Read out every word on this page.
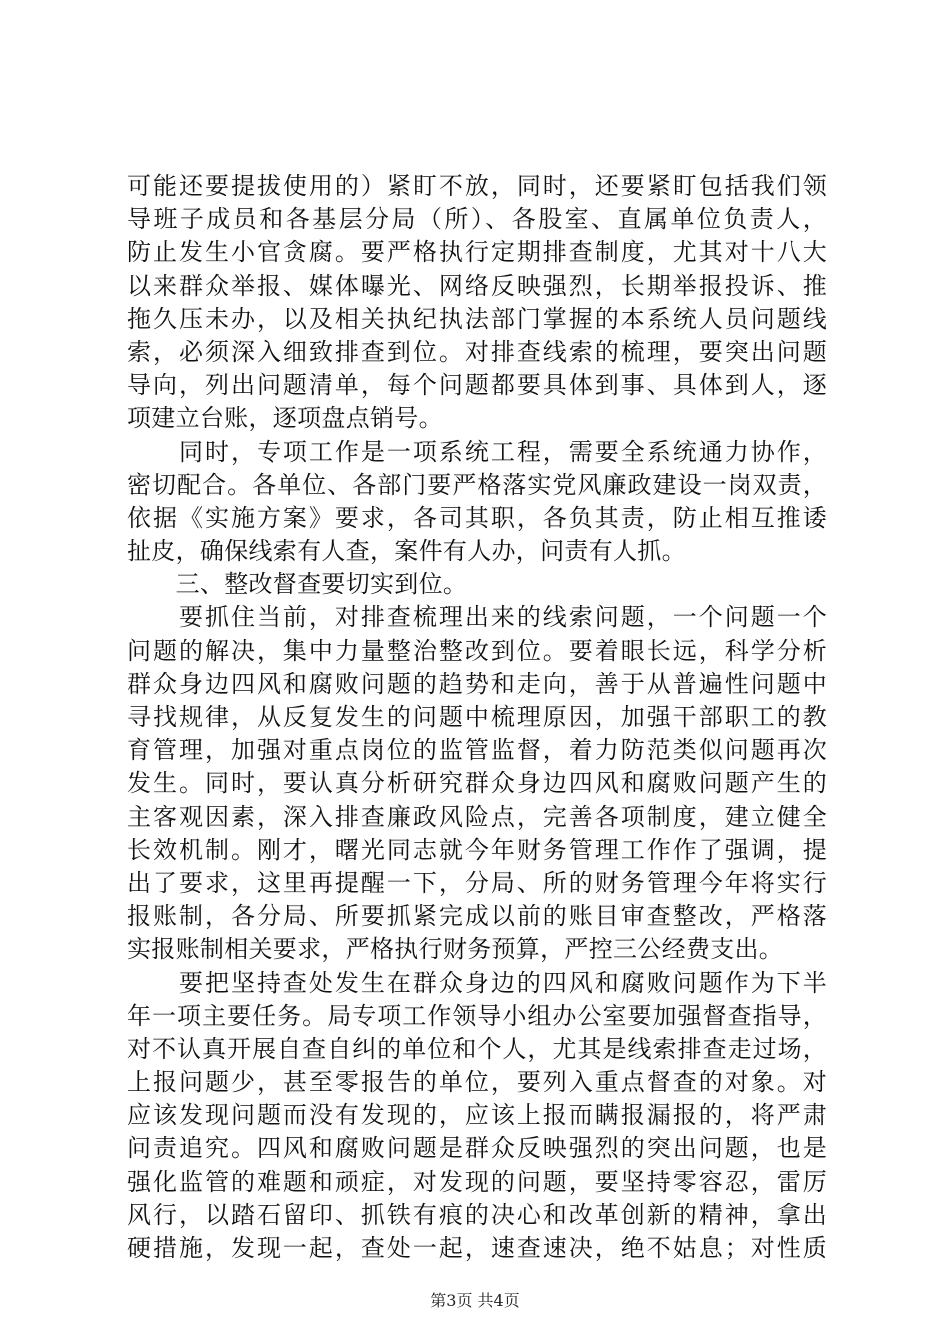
可能还要提拔使用的）紧盯不放，同时，还要紧盯包括我们领
导班子成员和各基层分局（所）、各股室、直属单位负责人，
防止发生小官贪腐。要严格执行定期排查制度，尤其对十八大
以来群众举报、媒体曝光、网络反映强烈，长期举报投诉、推
拖久压未办，以及相关执纪执法部门掌握的本系统人员问题线
索，必须深入细致排查到位。对排查线索的梳理，要突出问题
导向，列出问题清单，每个问题都要具体到事、具体到人，逐
项建立台账，逐项盘点销号。
　　同时，专项工作是一项系统工程，需要全系统通力协作，
密切配合。各单位、各部门要严格落实党风廉政建设一岗双责，
依据《实施方案》要求，各司其职，各负其责，防止相互推诿
扯皮，确保线索有人查，案件有人办，问责有人抓。
　　三、整改督查要切实到位。
　　要抓住当前，对排查梳理出来的线索问题，一个问题一个
问题的解决，集中力量整治整改到位。要着眼长远，科学分析
群众身边四风和腐败问题的趋势和走向，善于从普遍性问题中
寻找规律，从反复发生的问题中梳理原因，加强干部职工的教
育管理，加强对重点岗位的监管监督，着力防范类似问题再次
发生。同时，要认真分析研究群众身边四风和腐败问题产生的
主客观因素，深入排查廉政风险点，完善各项制度，建立健全
长效机制。刚才，曙光同志就今年财务管理工作作了强调，提
出了要求，这里再提醒一下，分局、所的财务管理今年将实行
报账制，各分局、所要抓紧完成以前的账目审查整改，严格落
实报账制相关要求，严格执行财务预算，严控三公经费支出。
　　要把坚持查处发生在群众身边的四风和腐败问题作为下半
年一项主要任务。局专项工作领导小组办公室要加强督查指导，
对不认真开展自查自纠的单位和个人，尤其是线索排查走过场，
上报问题少，甚至零报告的单位，要列入重点督查的对象。对
应该发现问题而没有发现的，应该上报而瞒报漏报的，将严肃
问责追究。四风和腐败问题是群众反映强烈的突出问题，也是
强化监管的难题和顽症，对发现的问题，要坚持零容忍，雷厉
风行，以踏石留印、抓铁有痕的决心和改革创新的精神，拿出
硬措施，发现一起，查处一起，速查速决，绝不姑息；对性质
第3页 共4页
